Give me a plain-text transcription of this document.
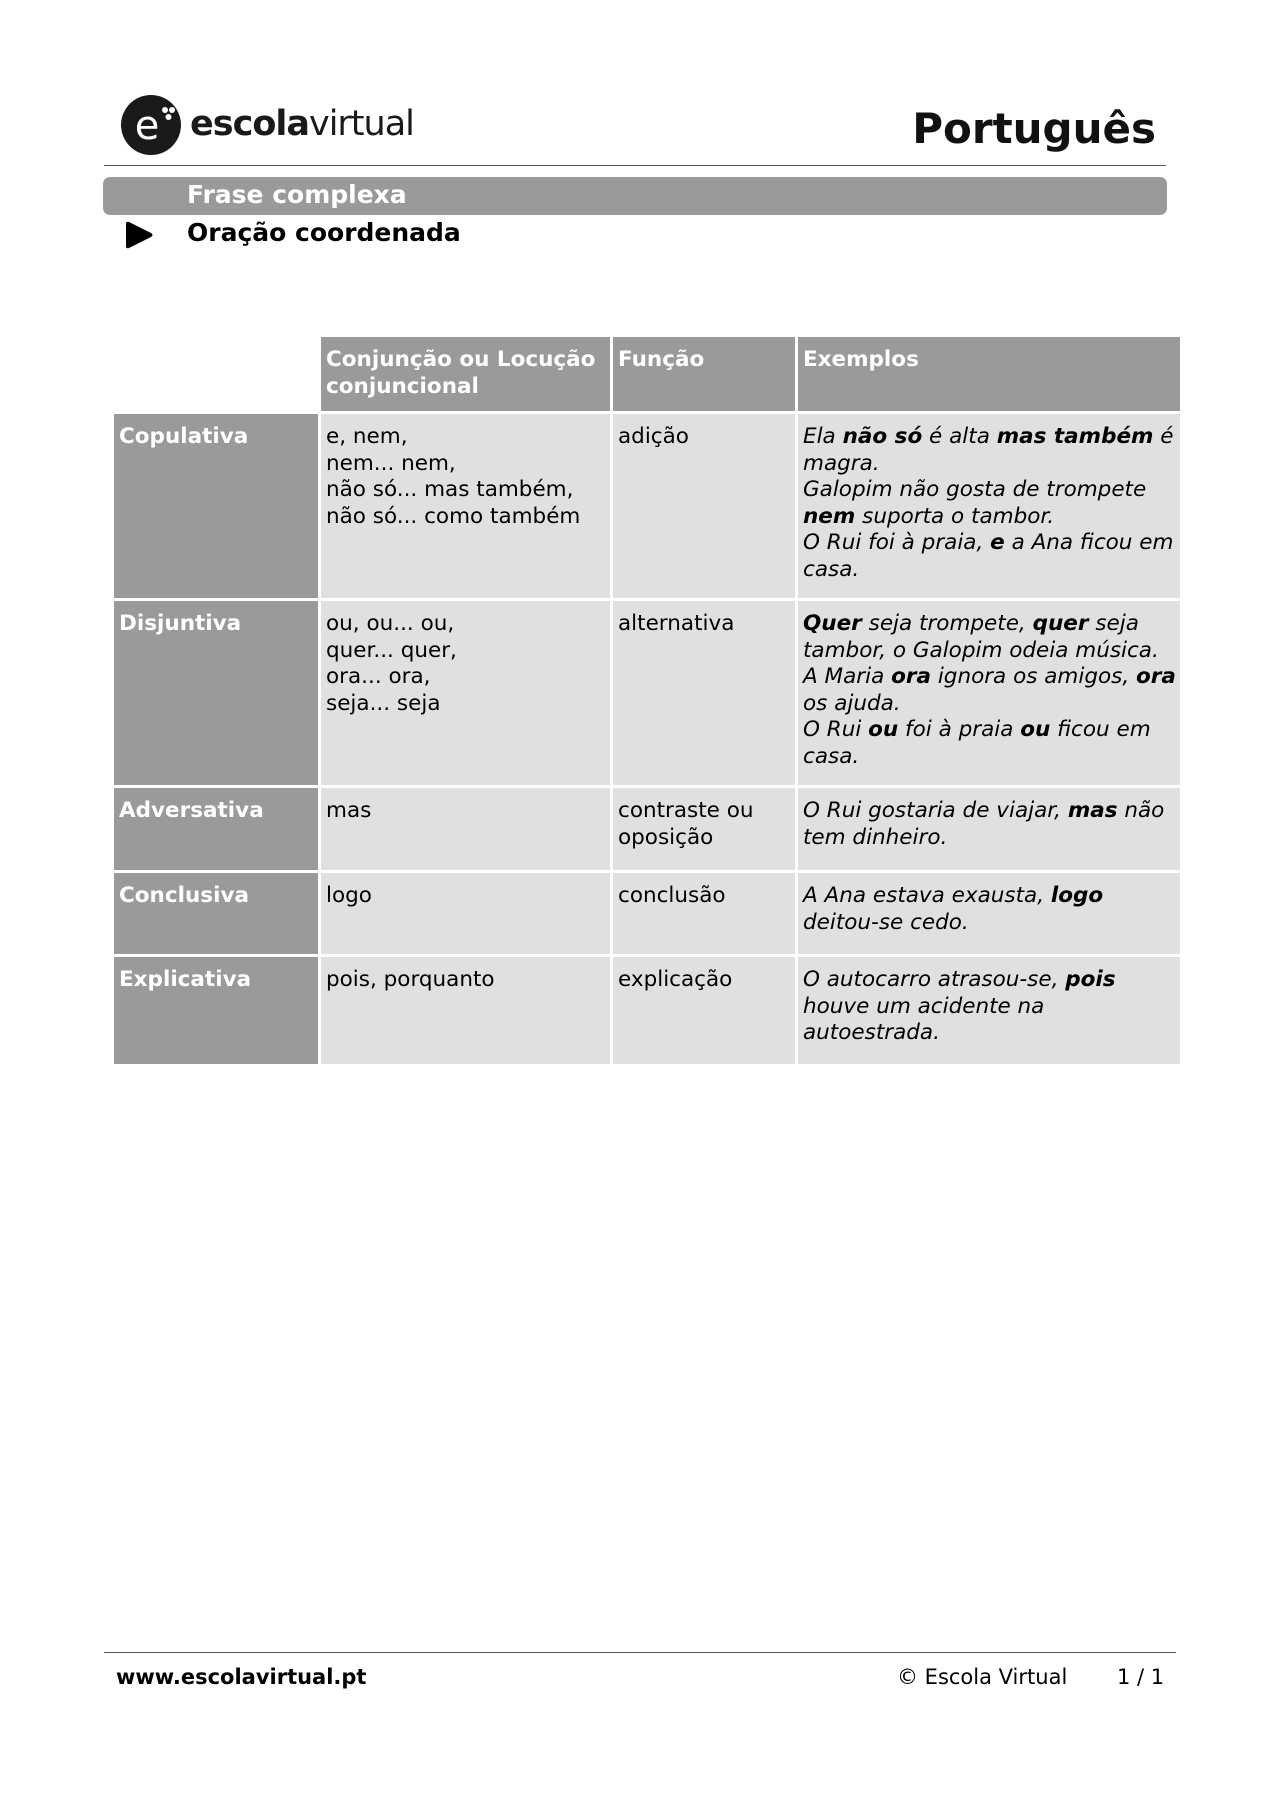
e escolavirtual	Português
Frase complexa
Oração coordenada
	Conjunção ou Locução conjuncional	Função	Exemplos
Copulativa	e, nem,
nem... nem,
não só... mas também,
não só... como também	adição	Ela não só é alta mas também é magra.
Galopim não gosta de trompete nem suporta o tambor.
O Rui foi à praia, e a Ana ficou em casa.

Disjuntiva	ou, ou... ou,
quer... quer,
ora... ora,
seja... seja	alternativa	Quer seja trompete, quer seja tambor, o Galopim odeia música.
A Maria ora ignora os amigos, ora os ajuda.
O Rui ou foi à praia ou ficou em casa.

Adversativa	mas	contraste ou oposição	O Rui gostaria de viajar, mas não tem dinheiro.

Conclusiva	logo	conclusão	A Ana estava exausta, logo deitou-se cedo.

Explicativa	pois, porquanto	explicação	O autocarro atrasou-se, pois houve um acidente na autoestrada.
www.escolavirtual.pt	© Escola Virtual 1 / 1
